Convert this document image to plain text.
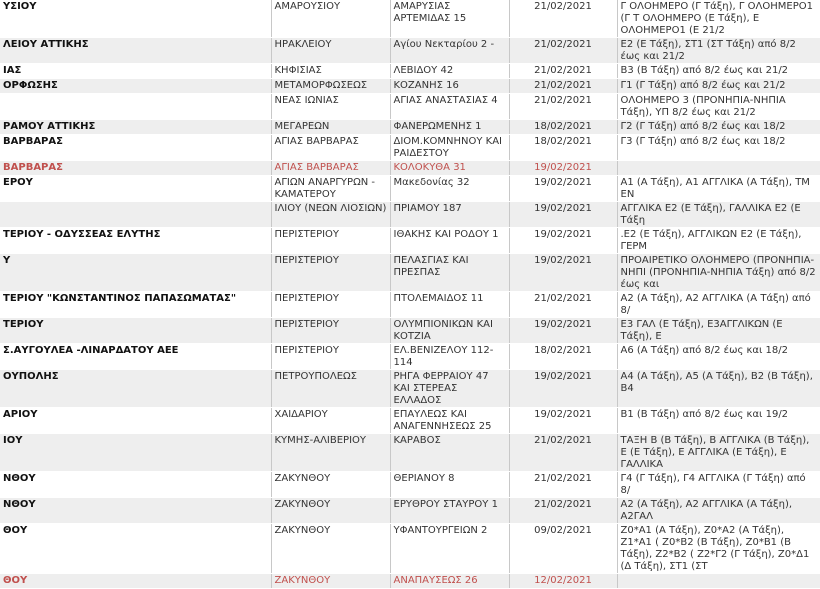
ΥΣΙΟΥ	ΑΜΑΡΟΥΣΙΟΥ	ΑΜΑΡΥΣΙΑΣ ΑΡΤΕΜΙΔΑΣ 15	21/02/2021	Γ ΟΛΟΗΜΕΡΟ (Γ Τάξη), Γ ΟΛΟΗΜΕΡΟ1 (Γ Τ ΟΛΟΗΜΕΡΟ (Ε Τάξη), Ε ΟΛΟΗΜΕΡΟ1 (Ε 21/2
ΛΕΙΟΥ ΑΤΤΙΚΗΣ	ΗΡΑΚΛΕΙΟΥ	Αγίου Νεκταρίου 2 -	21/02/2021	Ε2 (Ε Τάξη), ΣΤ1 (ΣΤ Τάξη) από 8/2 έως και 21/2
ΙΑΣ	ΚΗΦΙΣΙΑΣ	ΛΕΒΙΔΟΥ 42	21/02/2021	Β3 (Β Τάξη) από 8/2 έως και 21/2
ΟΡΦΩΣΗΣ	ΜΕΤΑΜΟΡΦΩΣΕΩΣ	ΚΟΖΑΝΗΣ 16	21/02/2021	Γ1 (Γ Τάξη) από 8/2 έως και 21/2
	ΝΕΑΣ ΙΩΝΙΑΣ	ΑΓΙΑΣ ΑΝΑΣΤΑΣΙΑΣ 4	21/02/2021	ΟΛΟΗΜΕΡΟ 3 (ΠΡΟΝΗΠΙΑ-ΝΗΠΙΑ Τάξη), ΥΠ 8/2 έως και 21/2
ΡΑΜΟΥ ΑΤΤΙΚΗΣ	ΜΕΓΑΡΕΩΝ	ΦΑΝΕΡΩΜΕΝΗΣ 1	18/02/2021	Γ2 (Γ Τάξη) από 8/2 έως και 18/2
ΒΑΡΒΑΡΑΣ	ΑΓΙΑΣ ΒΑΡΒΑΡΑΣ	ΔΙΟΜ.ΚΟΜΝΗΝΟΥ ΚΑΙ ΡΑΙΔΕΣΤΟΥ	18/02/2021	Γ3 (Γ Τάξη) από 8/2 έως και 18/2
ΒΑΡΒΑΡΑΣ	ΑΓΙΑΣ ΒΑΡΒΑΡΑΣ	ΚΟΛΟΚΥΘΑ 31	19/02/2021	
ΕΡΟΥ	ΑΓΙΩΝ ΑΝΑΡΓΥΡΩΝ - ΚΑΜΑΤΕΡΟΥ	Μακεδονίας 32	19/02/2021	Α1 (Α Τάξη), Α1 ΑΓΓΛΙΚΑ (Α Τάξη), ΤΜ ΕΝ
	ΙΛΙΟΥ (ΝΕΩΝ ΛΙΟΣΙΩΝ)	ΠΡΙΑΜΟΥ 187	19/02/2021	ΑΓΓΛΙΚΑ Ε2 (Ε Τάξη), ΓΑΛΛΙΚΑ Ε2 (Ε Τάξη
ΤΕΡΙΟΥ - ΟΔΥΣΣΕΑΣ ΕΛΥΤΗΣ	ΠΕΡΙΣΤΕΡΙΟΥ	ΙΘΑΚΗΣ ΚΑΙ ΡΟΔΟΥ 1	19/02/2021	.Ε2 (Ε Τάξη), ΑΓΓΛΙΚΩΝ Ε2 (Ε Τάξη), ΓΕΡΜ
Υ	ΠΕΡΙΣΤΕΡΙΟΥ	ΠΕΛΑΣΓΙΑΣ ΚΑΙ ΠΡΕΣΠΑΣ	19/02/2021	ΠΡΟΑΙΡΕΤΙΚΟ ΟΛΟΗΜΕΡΟ (ΠΡΟΝΗΠΙΑ-ΝΗΠΙ (ΠΡΟΝΗΠΙΑ-ΝΗΠΙΑ Τάξη) από 8/2 έως και
ΤΕΡΙΟΥ "ΚΩΝΣΤΑΝΤΙΝΟΣ ΠΑΠΑΣΩΜΑΤΑΣ"	ΠΕΡΙΣΤΕΡΙΟΥ	ΠΤΟΛΕΜΑΙΔΟΣ 11	21/02/2021	Α2 (Α Τάξη), Α2 ΑΓΓΛΙΚΑ (Α Τάξη) από 8/
ΤΕΡΙΟΥ	ΠΕΡΙΣΤΕΡΙΟΥ	ΟΛΥΜΠΙΟΝΙΚΩΝ ΚΑΙ ΚΟΤΖΙΑ	19/02/2021	Ε3 ΓΑΛ (Ε Τάξη), Ε3ΑΓΓΛΙΚΩΝ (Ε Τάξη), Ε
Σ.ΑΥΓΟΥΛΕΑ -ΛΙΝΑΡΔΑΤΟΥ ΑΕΕ	ΠΕΡΙΣΤΕΡΙΟΥ	ΕΛ.ΒΕΝΙΖΕΛΟΥ 112-114	18/02/2021	Α6 (Α Τάξη) από 8/2 έως και 18/2
ΟΥΠΟΛΗΣ	ΠΕΤΡΟΥΠΟΛΕΩΣ	ΡΗΓΑ ΦΕΡΡΑΙΟΥ 47 ΚΑΙ ΣΤΕΡΕΑΣ ΕΛΛΑΔΟΣ	19/02/2021	Α4 (Α Τάξη), Α5 (Α Τάξη), Β2 (Β Τάξη), Β4
ΑΡΙΟΥ	ΧΑΙΔΑΡΙΟΥ	ΕΠΑΥΛΕΩΣ ΚΑΙ ΑΝΑΓΕΝΝΗΣΕΩΣ 25	19/02/2021	Β1 (Β Τάξη) από 8/2 έως και 19/2
ΙΟΥ	ΚΥΜΗΣ-ΑΛΙΒΕΡΙΟΥ	ΚΑΡΑΒΟΣ	21/02/2021	ΤΑΞΗ Β (Β Τάξη), Β ΑΓΓΛΙΚΑ (Β Τάξη), Ε (Ε Τάξη), Ε ΑΓΓΛΙΚΑ (Ε Τάξη), Ε ΓΑΛΛΙΚΑ
ΝΘΟΥ	ΖΑΚΥΝΘΟΥ	ΘΕΡΙΑΝΟΥ 8	21/02/2021	Γ4 (Γ Τάξη), Γ4 ΑΓΓΛΙΚΑ (Γ Τάξη) από 8/
ΝΘΟΥ	ΖΑΚΥΝΘΟΥ	ΕΡΥΘΡΟΥ ΣΤΑΥΡΟΥ 1	21/02/2021	Α2 (Α Τάξη), Α2 ΑΓΓΛΙΚΑ (Α Τάξη), Α2ΓΑΛ
ΘΟΥ	ΖΑΚΥΝΘΟΥ	ΥΦΑΝΤΟΥΡΓΕΙΩΝ 2	09/02/2021	Ζ0*Α1 (Α Τάξη), Ζ0*Α2 (Α Τάξη), Ζ1*Α1 ( Ζ0*Β2 (Β Τάξη), Ζ0*Β1 (Β Τάξη), Ζ2*Β2 ( Ζ2*Γ2 (Γ Τάξη), Ζ0*Δ1 (Δ Τάξη), ΣΤ1 (ΣΤ
ΘΟΥ	ΖΑΚΥΝΘΟΥ	ΑΝΑΠΑΥΣΕΩΣ 26	12/02/2021	
